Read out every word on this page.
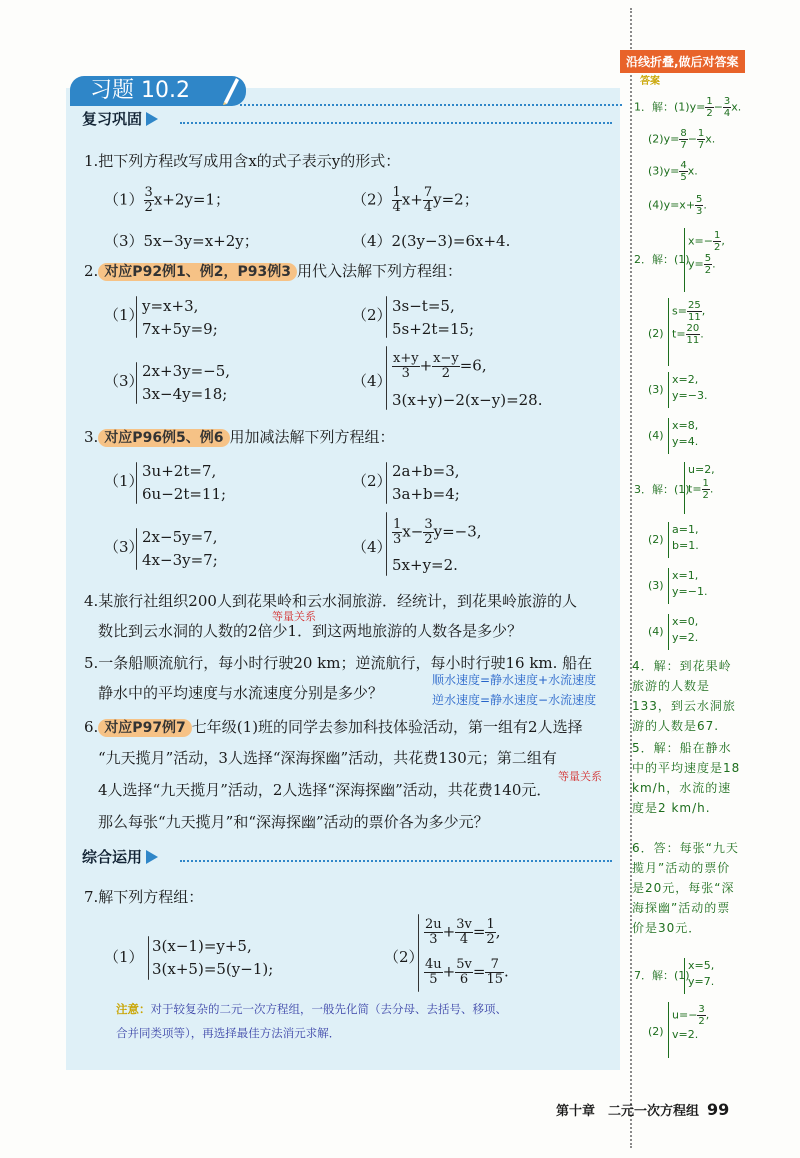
习题 10.2
复习巩固
1.把下列方程改写成用含x的式子表示y的形式：
$(1) \frac{3}{2} x+2y=1$；	$(2) \frac{1}{4} x+ \frac{7}{4} y=2$；
（3）5x−3y=x+2y；	（4）2(3y−3)=6x+4.
2. 对应P92例1、例2，P93例3 用代入法解下列方程组：
（1）
y=x+3,
7x+5y=9;
（2） 3s−t=5,
5s+2t=15;
（3）
2x+3y=−5,
3x−4y=18;
$(4) \frac{x+y}{3} + \frac{x-y}{2} =6$,
3(x+y)−2(x−y)=28.
3. 对应P96例5、例6 用加减法解下列方程组：
（1）
3u+2t=7,
6u−2t=11;
（2）
2a+b=3,
3a+b=4;
（3）
2x−5y=7,
4x−3y=7;
$(4) \frac{1}{3} x- \frac{3}{2} y=-3$,
5x+y=2.
4.某旅行社组织200人到花果岭和云水洞旅游．经统计，到花果岭旅游的人
等量关系
数比到云水洞的人数的2倍少1．到这两地旅游的人数各是多少？
5.一条船顺流航行，每小时行驶20 km；逆流航行，每小时行驶16 km. 船在
静水中的平均速度与水流速度分别是多少？
顺水速度=静水速度+水流速度
逆水速度=静水速度−水流速度
6. 对应P97例7 七年级(1)班的同学去参加科技体验活动，第一组有2人选择
“九天揽月”活动，3人选择“深海探幽”活动，共花费130元；第二组有
等量关系
4人选择“九天揽月”活动，2人选择“深海探幽”活动，共花费140元．
那么每张“九天揽月”和“深海探幽”活动的票价各为多少元？
综合运用
7.解下列方程组：
（1）
3(x−1)=y+5,
3(x+5)=5(y−1);
（2）
$\frac{2u}{3} + \frac{3v}{4} = \frac{1}{2}$ ,
$\frac{4u}{5} + \frac{5v}{6} = \frac{7}{15}$ .
注意：对于较复杂的二元一次方程组，一般先化简（去分母、去括号、移项、合并同类项等），再选择最佳方法消元求解．
沿线折叠,做后对答案
答案
1．解：$(1)y= \frac{1}{2} - \frac{3}{4} x$.
$(2)y= \frac{8}{7} - \frac{1}{7} x$.
$(3)y= \frac{4}{5} x$.
$(4)y=x+ \frac{5}{3}$ .
2．解：(1)
$x=- \frac{1}{2}$ ,
$y= \frac{5}{2}$ .
(2)
$s= \frac{25}{11}$ ,
$t= \frac{20}{11}$ .
(3)
x=2,
y=−3.
(4)
x=8,
y=4.
3．解：(1)
u=2,
$t= \frac{1}{2}$ .
(2)
a=1,
b=1.
(3)
x=1,
y=−1.
(4)
x=0,
y=2.
4．解：到花果岭旅游的人数是133，到云水洞旅游的人数是67.
5．解：船在静水中的平均速度是18 km/h，水流的速度是2 km/h.
6．答：每张“九天揽月”活动的票价是20元，每张“深海探幽”活动的票价是30元．
7．解：(1)
x=5,
y=7.
(2)
$u=- \frac{3}{2}$ ,
v=2.
第十章　二元一次方程组 99
